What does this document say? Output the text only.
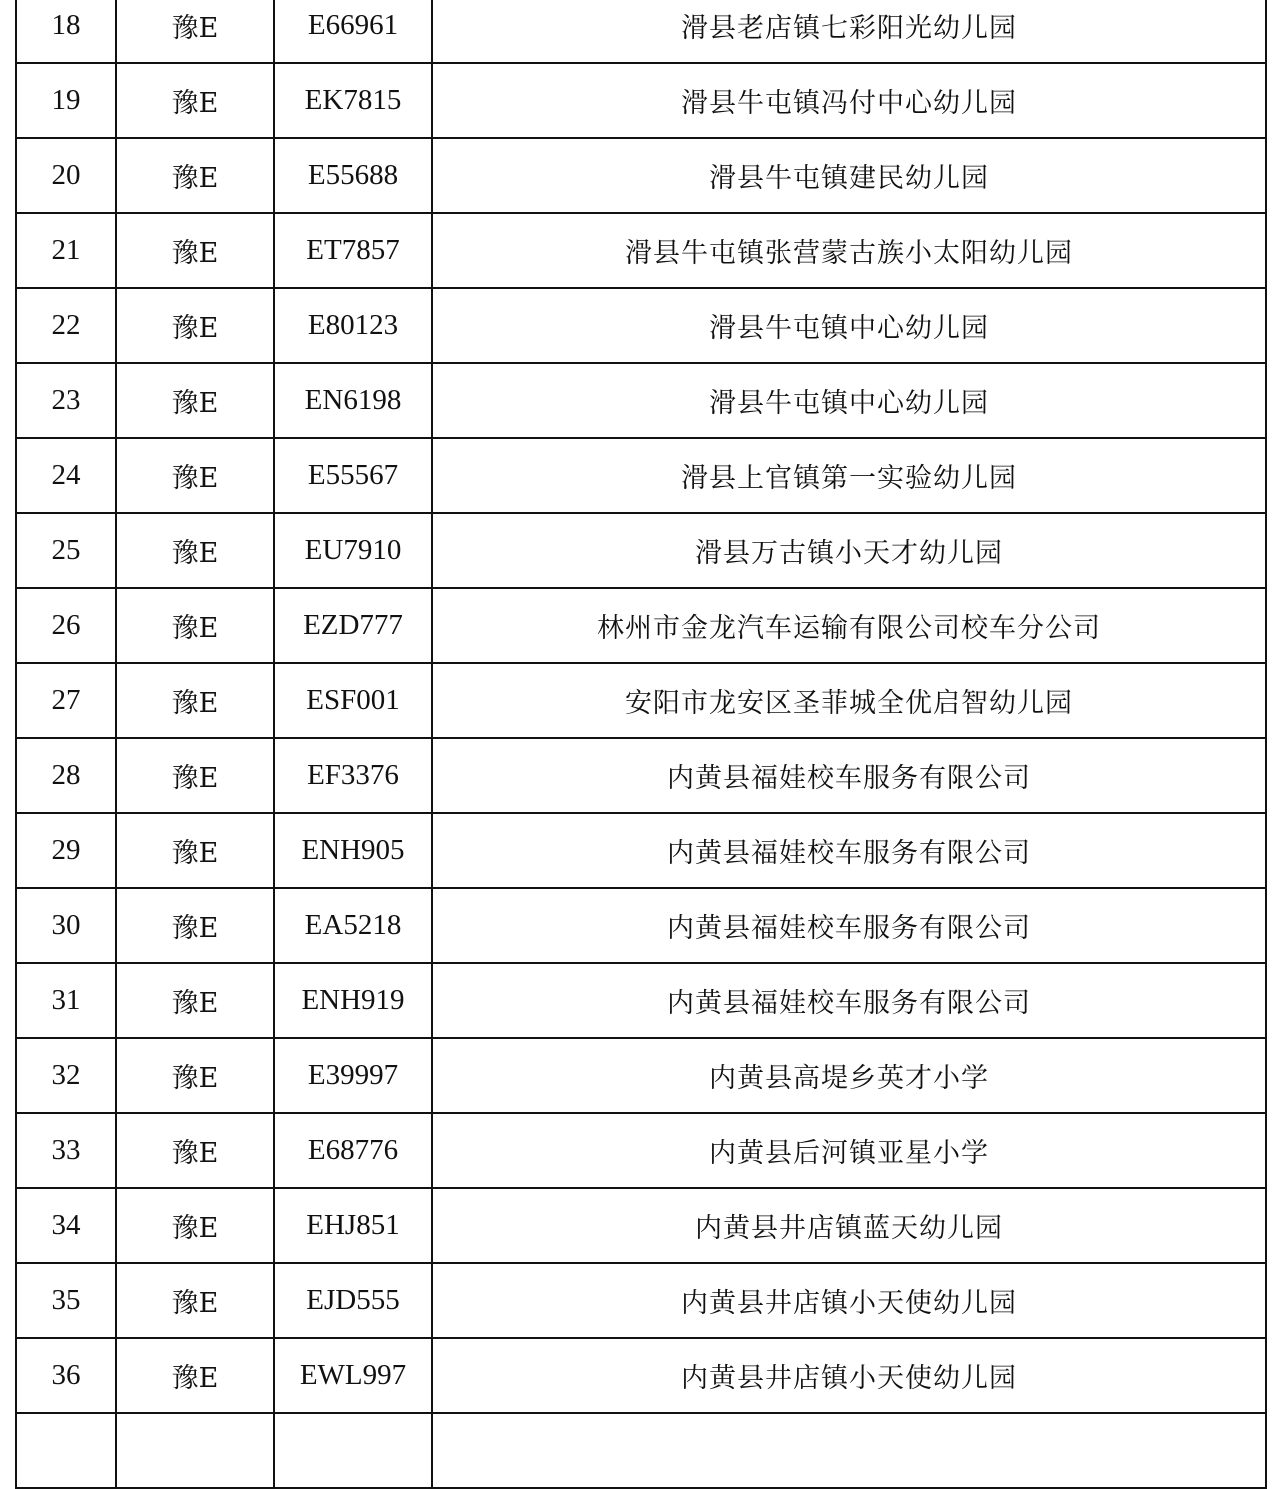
18	豫E	E66961	滑县老店镇七彩阳光幼儿园
19	豫E	EK7815	滑县牛屯镇冯付中心幼儿园
20	豫E	E55688	滑县牛屯镇建民幼儿园
21	豫E	ET7857	滑县牛屯镇张营蒙古族小太阳幼儿园
22	豫E	E80123	滑县牛屯镇中心幼儿园
23	豫E	EN6198	滑县牛屯镇中心幼儿园
24	豫E	E55567	滑县上官镇第一实验幼儿园
25	豫E	EU7910	滑县万古镇小天才幼儿园
26	豫E	EZD777	林州市金龙汽车运输有限公司校车分公司
27	豫E	ESF001	安阳市龙安区圣菲城全优启智幼儿园
28	豫E	EF3376	内黄县福娃校车服务有限公司
29	豫E	ENH905	内黄县福娃校车服务有限公司
30	豫E	EA5218	内黄县福娃校车服务有限公司
31	豫E	ENH919	内黄县福娃校车服务有限公司
32	豫E	E39997	内黄县高堤乡英才小学
33	豫E	E68776	内黄县后河镇亚星小学
34	豫E	EHJ851	内黄县井店镇蓝天幼儿园
35	豫E	EJD555	内黄县井店镇小天使幼儿园
36	豫E	EWL997	内黄县井店镇小天使幼儿园
